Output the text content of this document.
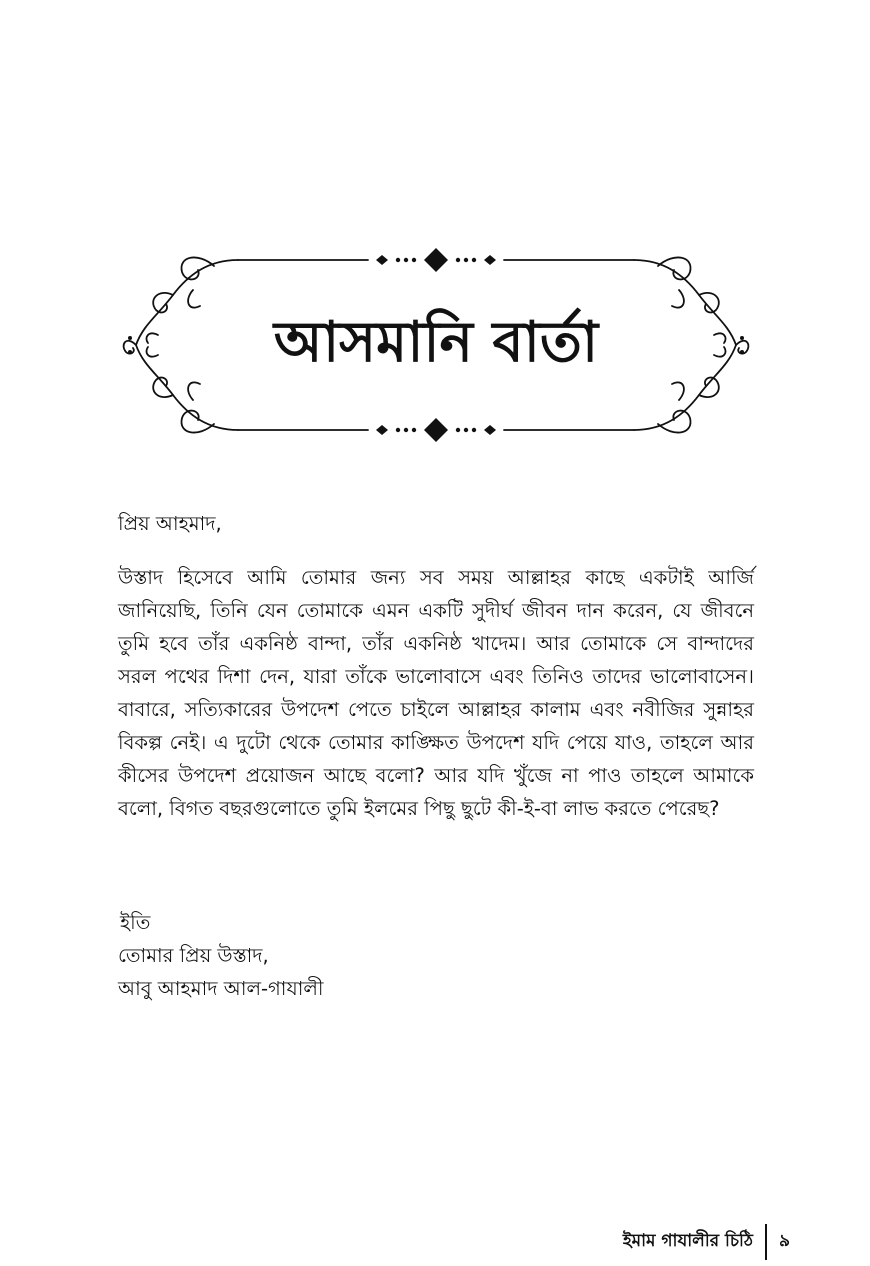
আসমানি বার্তা

প্রিয় আহমাদ,

উস্তাদ হিসেবে আমি তোমার জন্য সব সময় আল্লাহর কাছে একটাই আর্জি জানিয়েছি, তিনি যেন তোমাকে এমন একটি সুদীর্ঘ জীবন দান করেন, যে জীবনে তুমি হবে তাঁর একনিষ্ঠ বান্দা, তাঁর একনিষ্ঠ খাদেম। আর তোমাকে সে বান্দাদের সরল পথের দিশা দেন, যারা তাঁকে ভালোবাসে এবং তিনিও তাদের ভালোবাসেন। বাবারে, সত্যিকারের উপদেশ পেতে চাইলে আল্লাহর কালাম এবং নবীজির সুন্নাহর বিকল্প নেই। এ দুটো থেকে তোমার কাঙ্ক্ষিত উপদেশ যদি পেয়ে যাও, তাহলে আর কীসের উপদেশ প্রয়োজন আছে বলো? আর যদি খুঁজে না পাও তাহলে আমাকে বলো, বিগত বছরগুলোতে তুমি ইলমের পিছু ছুটে কী-ই-বা লাভ করতে পেরেছ?

ইতি
তোমার প্রিয় উস্তাদ,
আবু আহমাদ আল-গাযালী
ইমাম গাযালীর চিঠি ৯
